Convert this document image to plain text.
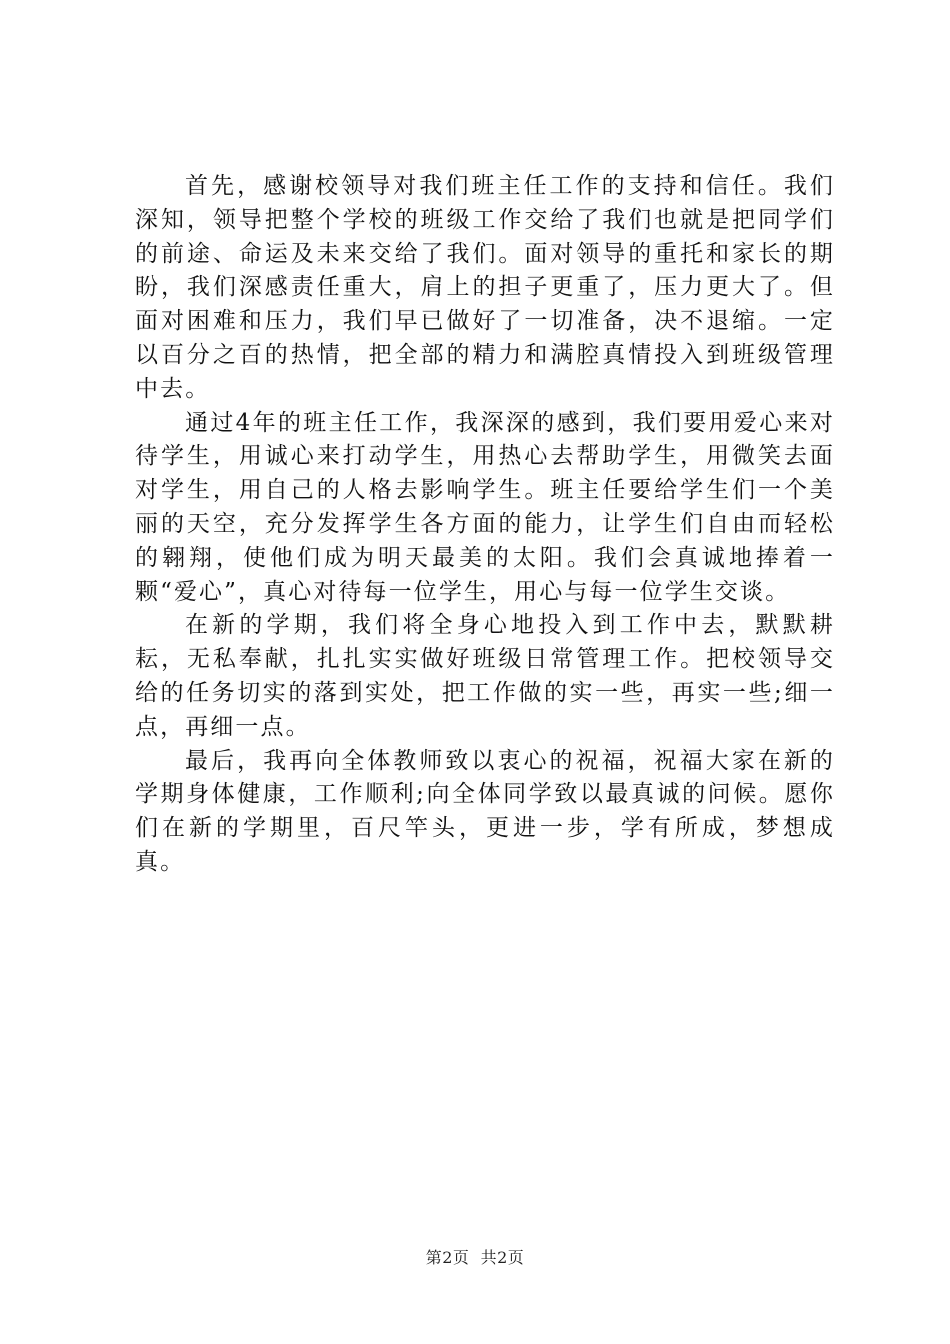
首先，感谢校领导对我们班主任工作的支持和信任。我们深知，领导把整个学校的班级工作交给了我们也就是把同学们的前途、命运及未来交给了我们。面对领导的重托和家长的期盼，我们深感责任重大，肩上的担子更重了，压力更大了。但面对困难和压力，我们早已做好了一切准备，决不退缩。一定以百分之百的热情，把全部的精力和满腔真情投入到班级管理中去。

通过4年的班主任工作，我深深的感到，我们要用爱心来对待学生，用诚心来打动学生，用热心去帮助学生，用微笑去面对学生，用自己的人格去影响学生。班主任要给学生们一个美丽的天空，充分发挥学生各方面的能力，让学生们自由而轻松的翱翔，使他们成为明天最美的太阳。我们会真诚地捧着一颗“爱心”，真心对待每一位学生，用心与每一位学生交谈。

在新的学期，我们将全身心地投入到工作中去，默默耕耘，无私奉献，扎扎实实做好班级日常管理工作。把校领导交给的任务切实的落到实处，把工作做的实一些，再实一些;细一点，再细一点。

最后，我再向全体教师致以衷心的祝福，祝福大家在新的学期身体健康，工作顺利;向全体同学致以最真诚的问候。愿你们在新的学期里，百尺竿头，更进一步，学有所成，梦想成真。

第2页  共2页
